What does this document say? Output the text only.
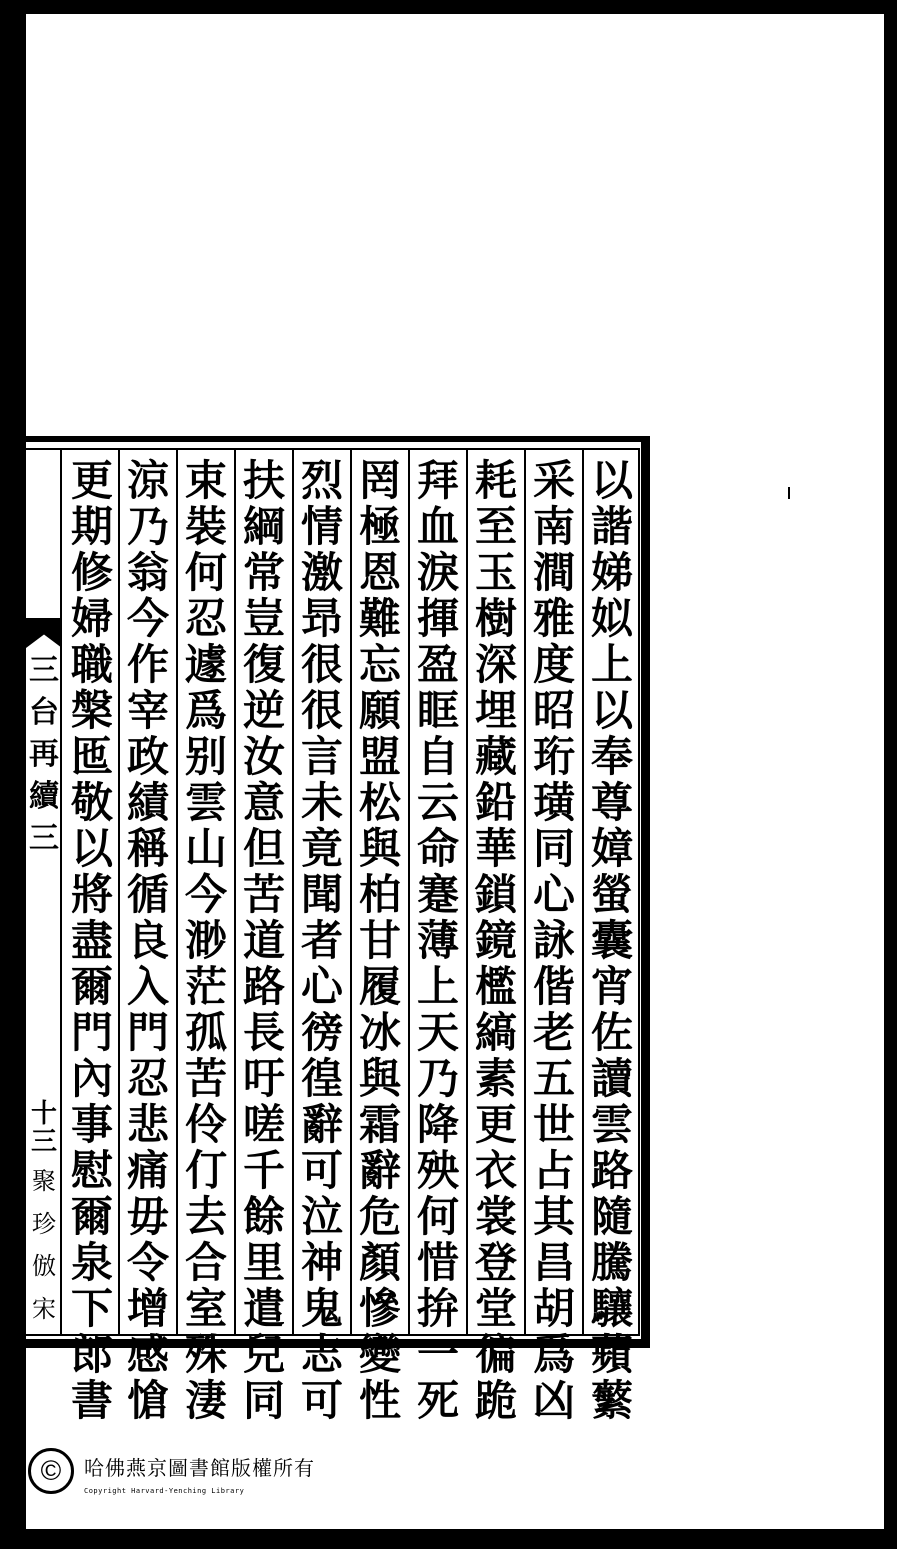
三
台
再
續
三
十三
聚
珍
倣
宋
以
諧
娣
姒
上
以
奉
尊
嫜
螢
囊
宵
佐
讀
雲
路
隨
騰
驤
蘋
蘩
采
南
澗
雅
度
昭
珩
璜
同
心
詠
偕
老
五
世
占
其
昌
胡
爲
凶
耗
至
玉
樹
深
埋
藏
鉛
華
鎖
鏡
檻
縞
素
更
衣
裳
登
堂
徧
跪
拜
血
淚
揮
盈
眶
自
云
命
蹇
薄
上
天
乃
降
殃
何
惜
拚
一
死
罔
極
恩
難
忘
願
盟
松
與
柏
甘
履
冰
與
霜
辭
危
顏
慘
變
性
烈
情
激
昻
很
很
言
未
竟
聞
者
心
徬
徨
辭
可
泣
神
鬼
志
可
扶
綱
常
豈
復
逆
汝
意
但
苦
道
路
長
吁
嗟
千
餘
里
遣
兒
同
束
裝
何
忍
遽
爲
别
雲
山
今
渺
茫
孤
苦
伶
仃
去
合
室
殊
淒
涼
乃
翁
今
作
宰
政
績
稱
循
良
入
門
忍
悲
痛
毋
令
增
感
愴
更
期
修
婦
職
槃
匜
敬
以
將
盡
爾
門
內
事
慰
爾
泉
下
郎
書
©	哈佛燕京圖書館版權所有
Copyright Harvard-Yenching Library
